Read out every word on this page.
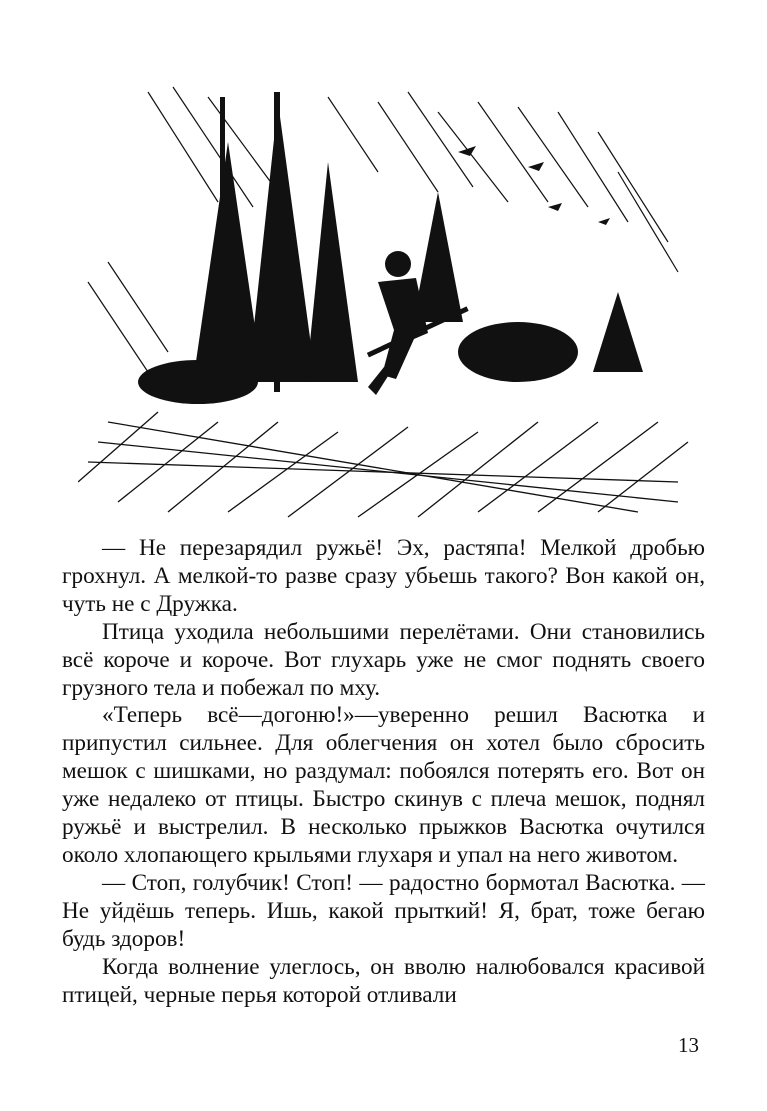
— Не перезарядил ружьё! Эх, растяпа! Мелкой дробью грохнул. А мелкой-то разве сразу убьешь такого? Вон какой он, чуть не с Дружка.

Птица уходила небольшими перелётами. Они становились всё короче и короче. Вот глухарь уже не смог поднять своего грузного тела и побежал по мху.

«Теперь всё—догоню!»—уверенно решил Васютка и припустил сильнее. Для облегчения он хотел было сбросить мешок с шишками, но раздумал: побоялся потерять его. Вот он уже недалеко от птицы. Быстро скинув с плеча мешок, поднял ружьё и выстрелил. В несколько прыжков Васютка очутился около хлопающего крыльями глухаря и упал на него животом.

— Стоп, голубчик! Стоп! — радостно бормотал Васютка. — Не уйдёшь теперь. Ишь, какой прыткий! Я, брат, тоже бегаю будь здоров!

Когда волнение улеглось, он вволю налюбовался красивой птицей, черные перья которой отливали

13
